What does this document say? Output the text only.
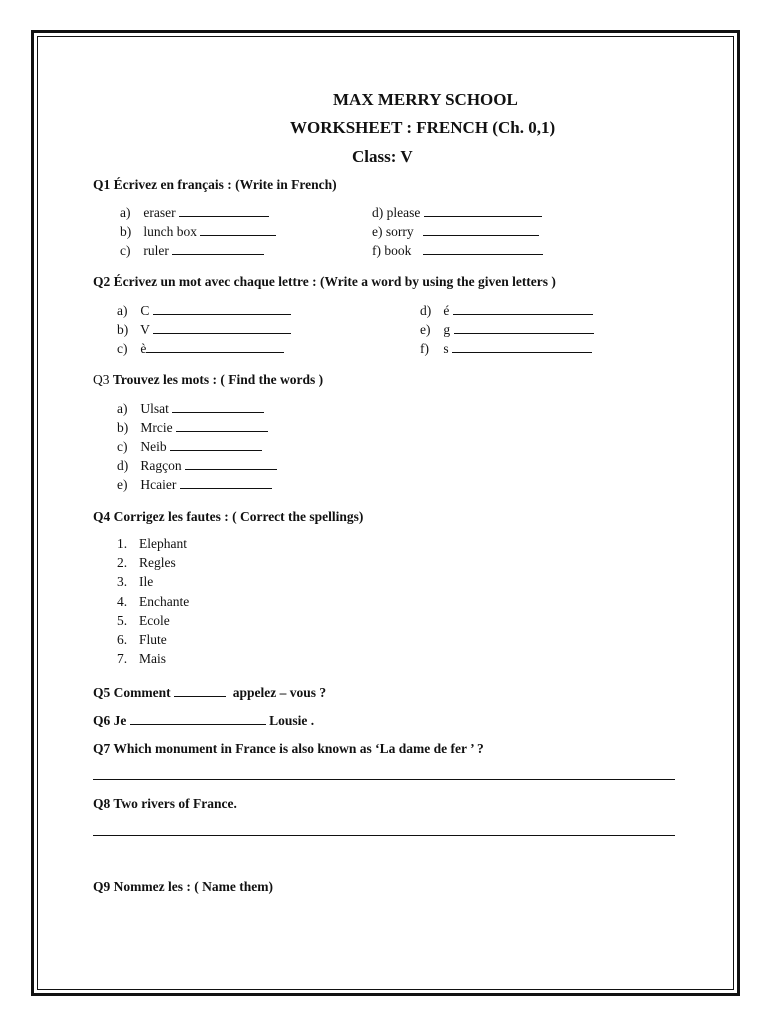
MAX MERRY SCHOOL
WORKSHEET : FRENCH (Ch. 0,1)
Class: V
Q1 Écrivez en français : (Write in French)
a) eraser
b) lunch box
c) ruler
d) please
e) sorry
f) book
Q2 Écrivez un mot avec chaque lettre : (Write a word by using the given letters )
a) C
b) V
c) è
d) é
e) g
f) s
Q3 Trouvez les mots : ( Find the words )
a) Ulsat
b) Mrcie
c) Neib
d) Ragçon
e) Hcaier
Q4 Corrigez les fautes : ( Correct the spellings)
1. Elephant
2. Regles
3. Ile
4. Enchante
5. Ecole
6. Flute
7. Mais
Q5 Comment	appelez – vous ?
Q6 Je	Lousie .
Q7 Which monument in France is also known as ‘La dame de fer ’ ?
Q8 Two rivers of France.
Q9 Nommez les : ( Name them)
